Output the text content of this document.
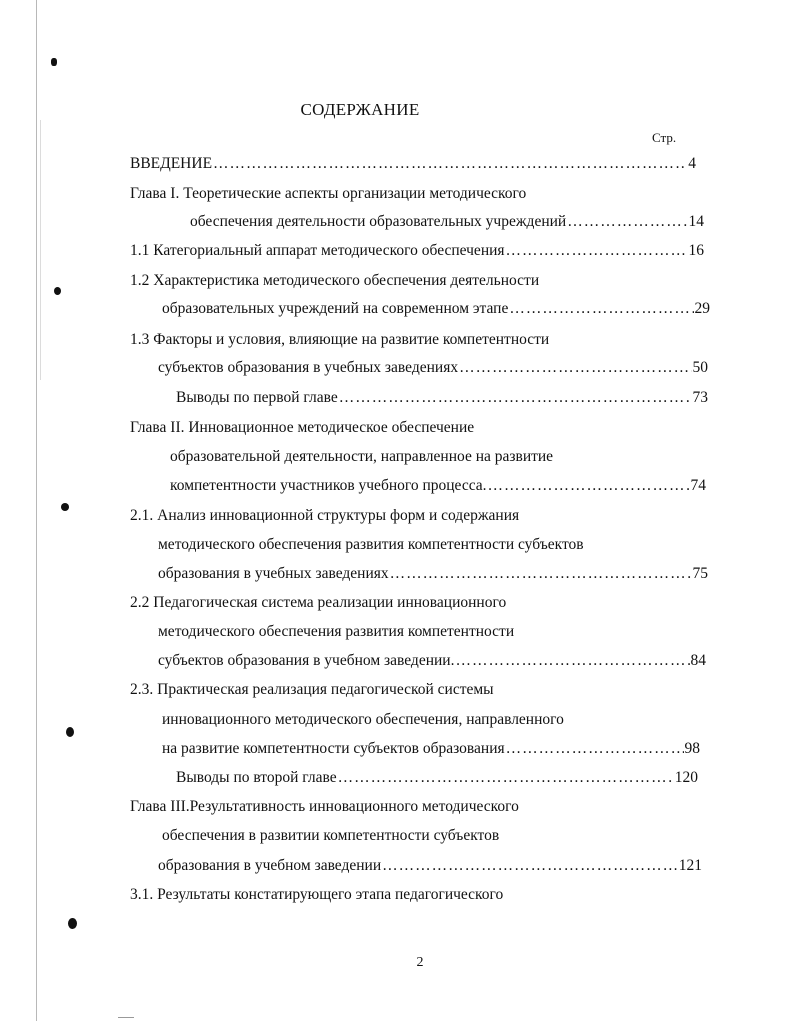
СОДЕРЖАНИЕ
Стр.
ВВЕДЕНИЕ …………………………………………………………………………………………………………………………………………	4
Глава I. Теоретические аспекты организации методического
обеспечения деятельности образовательных учреждений …………………………………………………………………………………………………………………………………………	14
1.1 Категориальный аппарат методического обеспечения …………………………………………………………………………………………………………………………………………	16
1.2 Характеристика методического обеспечения деятельности
образовательных учреждений на современном этапе …………………………………………………………………………………………………………………………………………	29
1.3 Факторы и условия, влияющие на развитие компетентности
субъектов образования в учебных заведениях …………………………………………………………………………………………………………………………………………	50
Выводы по первой главе …………………………………………………………………………………………………………………………………………	73
Глава II. Инновационное методическое обеспечение
образовательной деятельности, направленное на развитие
компетентности участников учебного процесса. …………………………………………………………………………………………………………………………………………	74
2.1. Анализ инновационной структуры форм и содержания
методического обеспечения развития компетентности субъектов
образования в учебных заведениях …………………………………………………………………………………………………………………………………………	75
2.2 Педагогическая система реализации инновационного
методического обеспечения развития компетентности
субъектов образования в учебном заведении. …………………………………………………………………………………………………………………………………………	84
2.3. Практическая реализация педагогической системы
инновационного методического обеспечения, направленного
на развитие компетентности субъектов образования …………………………………………………………………………………………………………………………………………	98
Выводы по второй главе …………………………………………………………………………………………………………………………………………	120
Глава III.Результативность инновационного методического
обеспечения в развитии компетентности субъектов
образования в учебном заведении …………………………………………………………………………………………………………………………………………	121
3.1. Результаты констатирующего этапа педагогического
2
